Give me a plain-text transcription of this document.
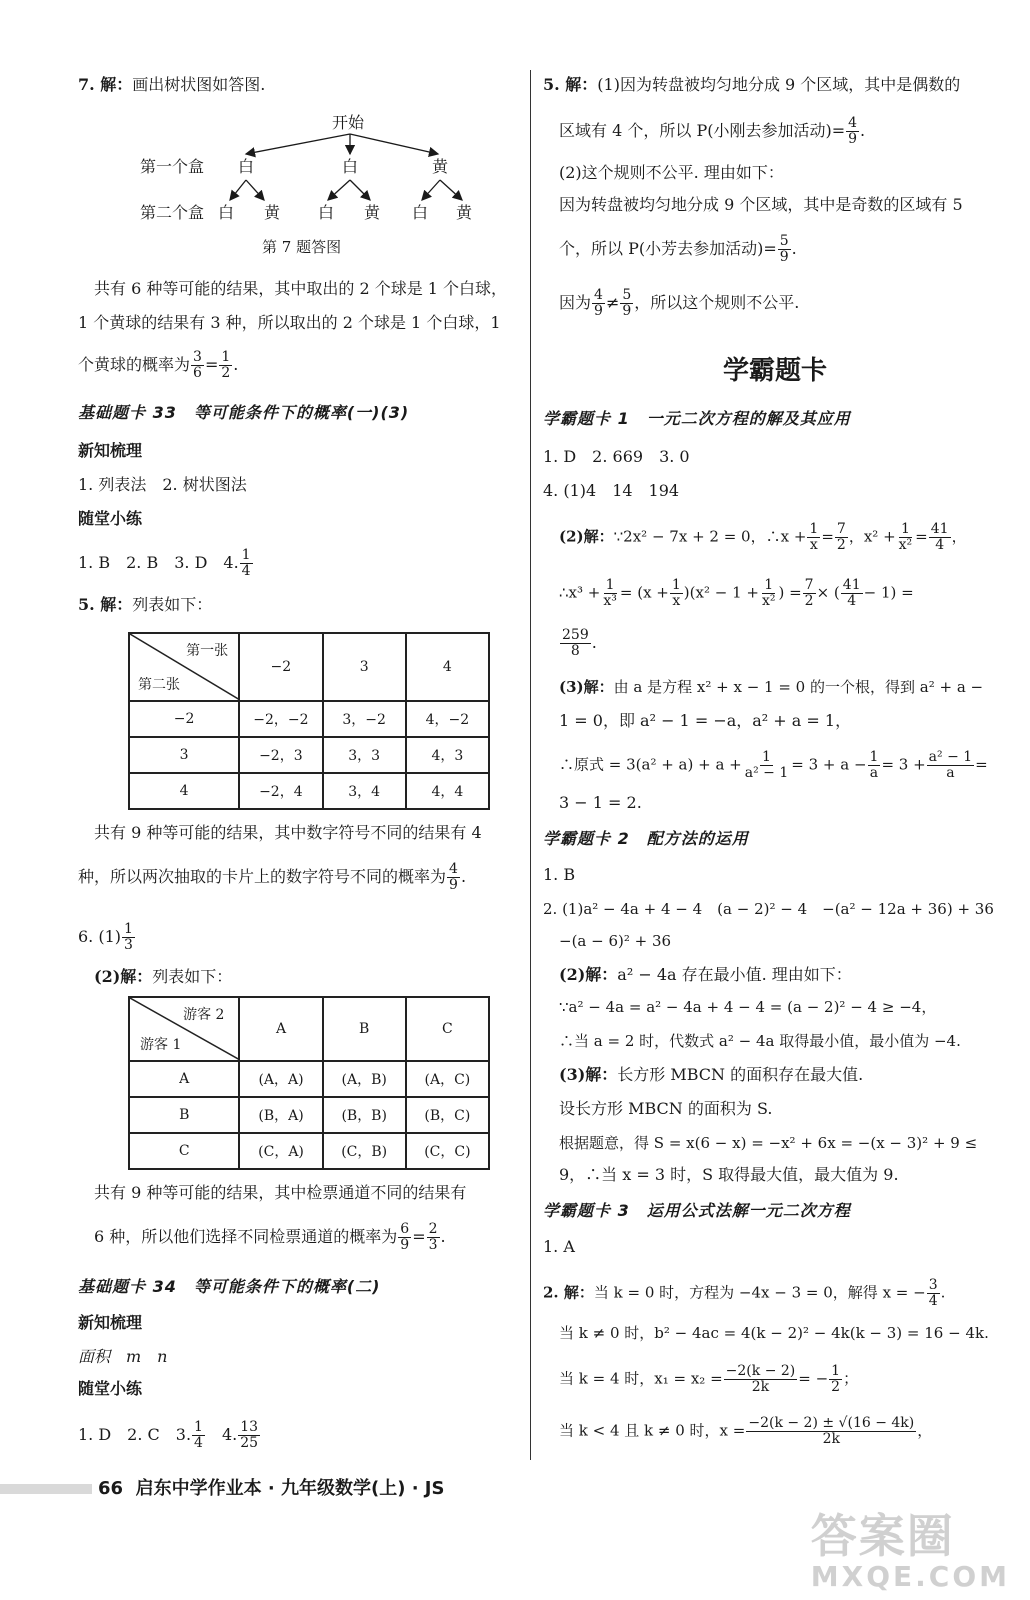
7. 解：画出树状图如答图.
开始
第一个盒 白	白	黄
第二个盒 白 黄 白 黄 白 黄
第 7 题答图
共有 6 种等可能的结果，其中取出的 2 个球是 1 个白球，
1 个黄球的结果有 3 种，所以取出的 2 个球是 1 个白球，1
个黄球的概率为 $\frac{3}{6} = \frac{1}{2}$ .
基础题卡 33　等可能条件下的概率(一)(3)
新知梳理
1. 列表法　2. 树状图法
随堂小练
1. B　2. B　3. D　4. $\frac{1}{4}$
5. 解：列表如下：
第一张
第二张	−2	3	4
−2	−2，−2	3，−2	4，−2
3	−2，3	3，3	4，3
4	−2，4	3，4	4，4
共有 9 种等可能的结果，其中数字符号不同的结果有 4
种，所以两次抽取的卡片上的数字符号不同的概率为 $\frac{4}{9}$ .
6. $(1) \frac{1}{3}$
(2)解：列表如下：
游客 2
游客 1	A	B	C
A	(A，A)	(A，B)	(A，C)
B	(B，A)	(B，B)	(B，C)
C	(C，A)	(C，B)	(C，C)
共有 9 种等可能的结果，其中检票通道不同的结果有
6 种，所以他们选择不同检票通道的概率为 $\frac{6}{9} = \frac{2}{3}$ .
基础题卡 34　等可能条件下的概率(二)
新知梳理
面积　m　n
随堂小练
1. D　2. C　3. $\frac{1}{4}$ 　4. $\frac{13}{25}$
5. 解：(1)因为转盘被均匀地分成 9 个区域，其中是偶数的
区域有 4 个，所以 P(小刚去参加活动)= $\frac{4}{9}$ .
(2)这个规则不公平. 理由如下：
因为转盘被均匀地分成 9 个区域，其中是奇数的区域有 5
个，所以 P(小芳去参加活动)= $\frac{5}{9}$ .
因为 $\frac{4}{9} \ne \frac{5}{9}$ ，所以这个规则不公平.
学霸题卡
学霸题卡 1　一元二次方程的解及其应用
1. D　2. 669　3. 0
4. (1)4　14　194
(2)解：∵2x² − 7x + 2 = 0，∴x + $\frac{1}{x} = \frac{7}{2}$ ，$x^2 + \frac{1}{\text{x²}} = \frac{41}{4}$ ，
∴x³ + $\frac{1}{\text{x³}} = (x + \frac{1}{x} )(x^2 - 1 + \frac{1}{\text{x²}}$ ) = $\frac{7}{2}$ × ( $\frac{41}{4} - 1$) =
$\frac{259}{8}$ .
(3)解：由 a 是方程 x² + x − 1 = 0 的一个根，得到 a² + a −
1 = 0，即 a² − 1 = −a，a² + a = 1，
∴原式 = $3(a^2 + a) + a + \frac{1}{\text{a² − 1}} = 3 + a - \frac{1}{a} = 3 + \frac{\text{a² − 1}}{a}$ =
3 − 1 = 2.
学霸题卡 2　配方法的运用
1. B
2. (1)a² − 4a + 4 − 4　(a − 2)² − 4　−(a² − 12a + 36) + 36
−(a − 6)² + 36
(2)解：a² − 4a 存在最小值. 理由如下：
∵a² − 4a = a² − 4a + 4 − 4 = (a − 2)² − 4 ≥ −4，
∴当 a = 2 时，代数式 a² − 4a 取得最小值，最小值为 −4.
(3)解：长方形 MBCN 的面积存在最大值.
设长方形 MBCN 的面积为 S.
根据题意，得 S = x(6 − x) = −x² + 6x = −(x − 3)² + 9 ≤
9，∴当 x = 3 时，S 取得最大值，最大值为 9.
学霸题卡 3　运用公式法解一元二次方程
1. A
2. 解：当 k = 0 时，方程为 −4x − 3 = 0，解得 x = − $\frac{3}{4}$ .
当 k ≠ 0 时，b² − 4ac = 4(k − 2)² − 4k(k − 3) = 16 − 4k.
当 k = 4 时，$x_1 = x_2 = \frac{-2(k - 2)}{2k}$ = − $\frac{1}{2}$ ；
当 k < 4 且 k ≠ 0 时，$x = \frac{-2(k - 2) \pm √(16 - 4k)}{2k}$ ，
66 启东中学作业本 · 九年级数学(上) · JS
答案圈
MXQE.COM
